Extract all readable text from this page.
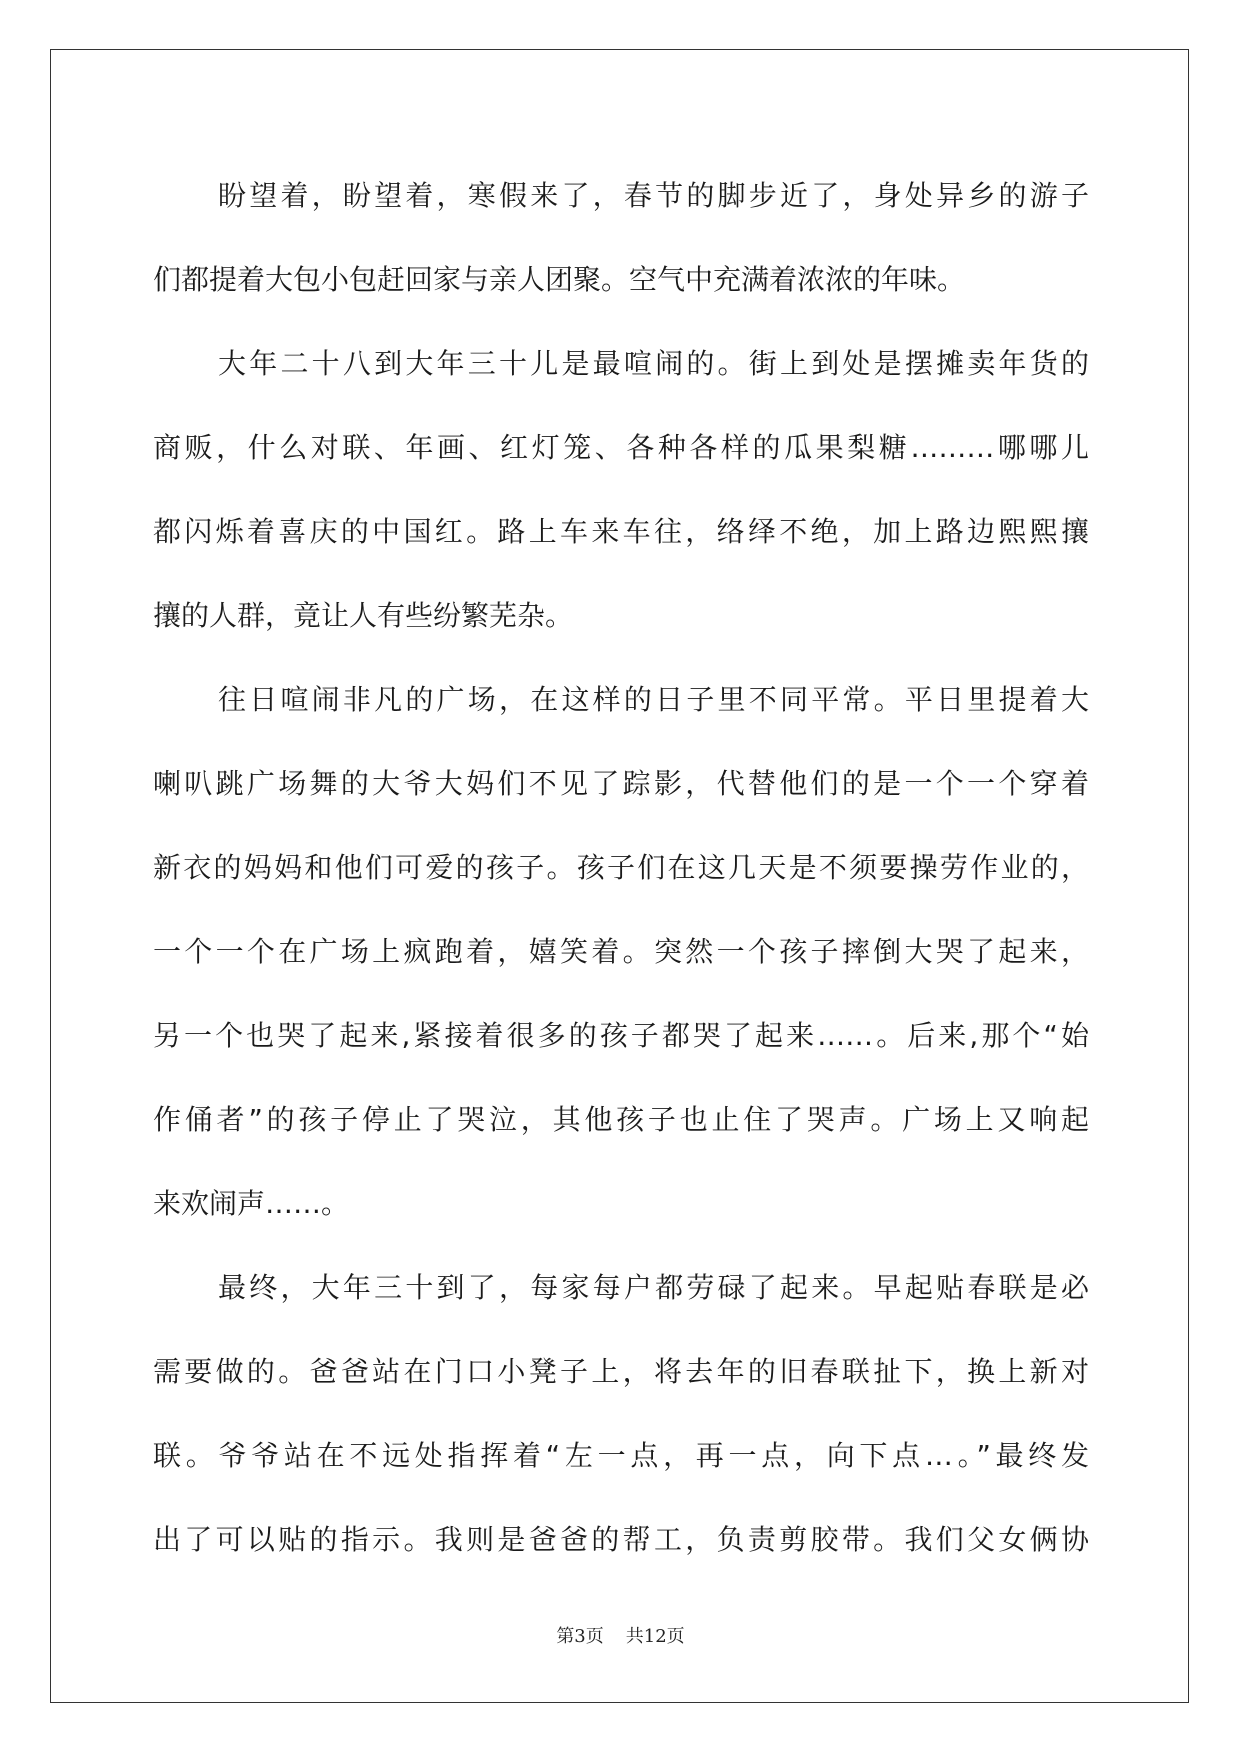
盼望着，盼望着，寒假来了，春节的脚步近了，身处异乡的游子
们都提着大包小包赶回家与亲人团聚。空气中充满着浓浓的年味。
大年二十八到大年三十儿是最喧闹的。街上到处是摆摊卖年货的
商贩，什么对联、年画、红灯笼、各种各样的瓜果梨糖………哪哪儿
都闪烁着喜庆的中国红。路上车来车往，络绎不绝，加上路边熙熙攘
攘的人群，竟让人有些纷繁芜杂。
往日喧闹非凡的广场，在这样的日子里不同平常。平日里提着大
喇叭跳广场舞的大爷大妈们不见了踪影，代替他们的是一个一个穿着
新衣的妈妈和他们可爱的孩子。孩子们在这几天是不须要操劳作业的，
一个一个在广场上疯跑着，嬉笑着。突然一个孩子摔倒大哭了起来，
另一个也哭了起来,紧接着很多的孩子都哭了起来……。后来,那个“始
作俑者”的孩子停止了哭泣，其他孩子也止住了哭声。广场上又响起
来欢闹声……。
最终，大年三十到了，每家每户都劳碌了起来。早起贴春联是必
需要做的。爸爸站在门口小凳子上，将去年的旧春联扯下，换上新对
联。爷爷站在不远处指挥着“左一点，再一点，向下点…。”最终发
出了可以贴的指示。我则是爸爸的帮工，负责剪胶带。我们父女俩协
第3页 共12页
